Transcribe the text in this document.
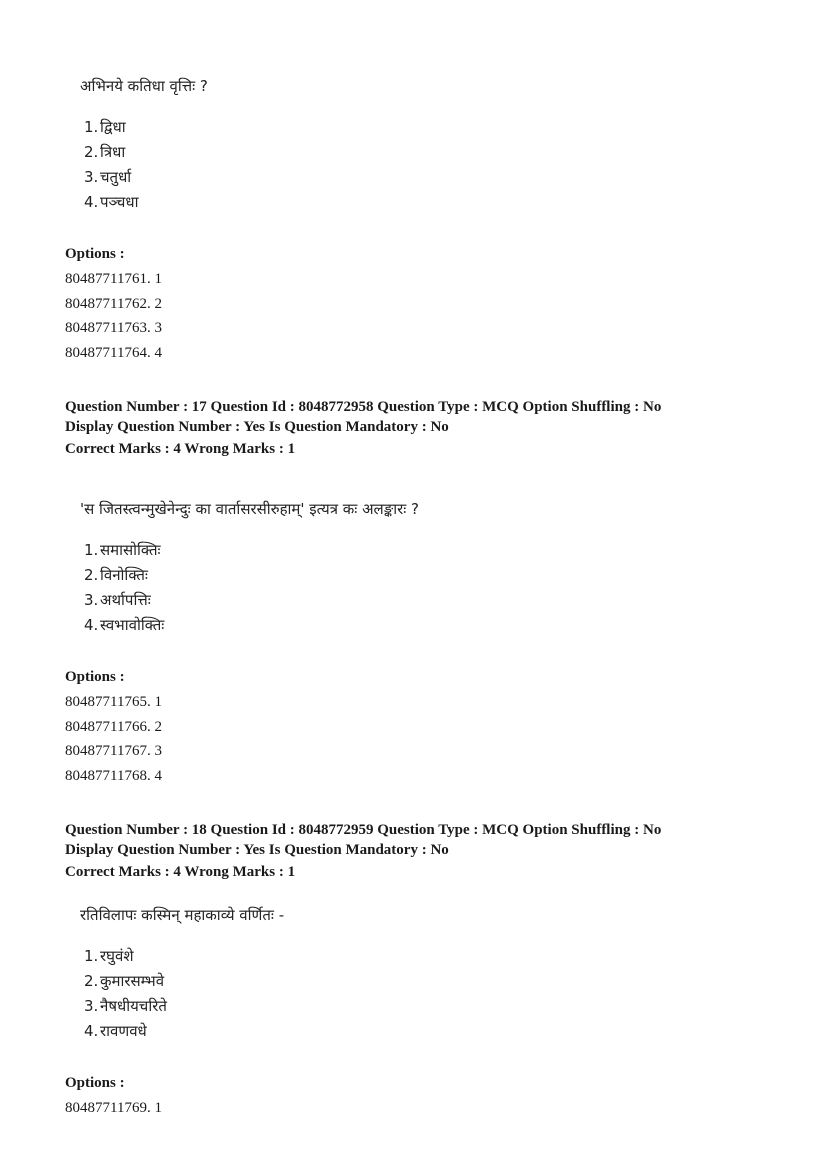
अभिनये कतिधा वृत्तिः ?
1.द्विधा
2.त्रिधा
3.चतुर्धा
4.पञ्चधा
Options :
80487711761. 1
80487711762. 2
80487711763. 3
80487711764. 4
Question Number : 17 Question Id : 8048772958 Question Type : MCQ Option Shuffling : No
Display Question Number : Yes Is Question Mandatory : No
Correct Marks : 4 Wrong Marks : 1
'स जितस्त्वन्मुखेनेन्दुः का वार्तासरसीरुहाम्' इत्यत्र कः अलङ्कारः ?
1.समासोक्तिः
2.विनोक्तिः
3.अर्थापत्तिः
4.स्वभावोक्तिः
Options :
80487711765. 1
80487711766. 2
80487711767. 3
80487711768. 4
Question Number : 18 Question Id : 8048772959 Question Type : MCQ Option Shuffling : No
Display Question Number : Yes Is Question Mandatory : No
Correct Marks : 4 Wrong Marks : 1
रतिविलापः कस्मिन् महाकाव्ये वर्णितः -
1.रघुवंशे
2.कुमारसम्भवे
3.नैषधीयचरिते
4.रावणवधे
Options :
80487711769. 1
